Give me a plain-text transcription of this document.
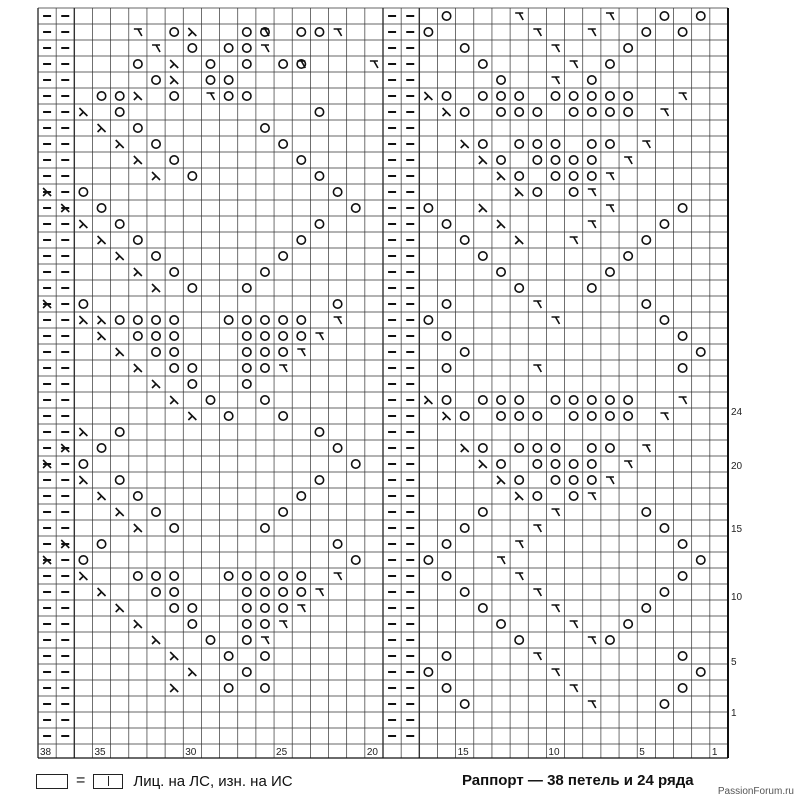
38	35	30	25	20	15	10	5	1
1
5
10
15
20
24
=	Лиц. на ЛС, изн. на ИС	Раппорт — 38 петель и 24 ряда
PassionForum.ru
